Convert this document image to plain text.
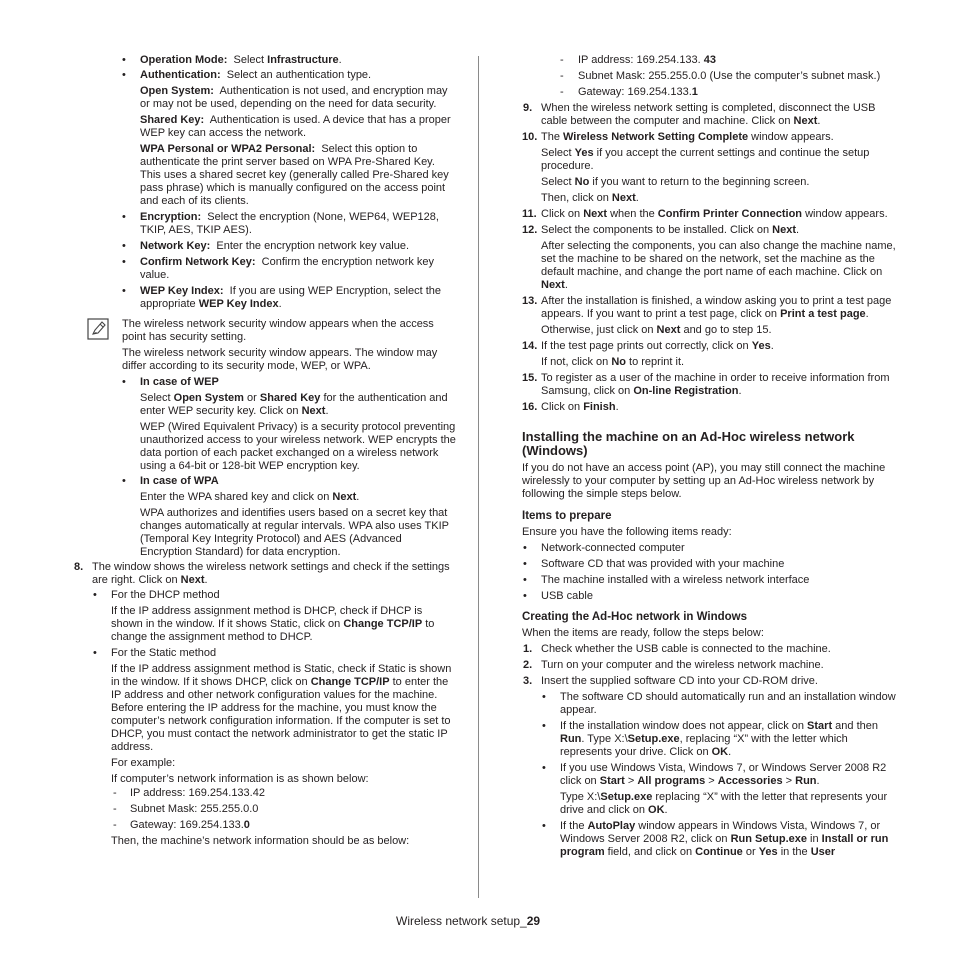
• Operation Mode:  Select Infrastructure.
• Authentication:  Select an authentication type.
Open System:  Authentication is not used, and encryption may or may not be used, depending on the need for data security.
Shared Key:  Authentication is used. A device that has a proper WEP key can access the network.
WPA Personal or WPA2 Personal:  Select this option to authenticate the print server based on WPA Pre-Shared Key. This uses a shared secret key (generally called Pre-Shared key pass phrase) which is manually configured on the access point and each of its clients.
• Encryption:  Select the encryption (None, WEP64, WEP128, TKIP, AES, TKIP AES).
• Network Key:  Enter the encryption network key value.
• Confirm Network Key:  Confirm the encryption network key value.
• WEP Key Index:  If you are using WEP Encryption, select the appropriate WEP Key Index.
The wireless network security window appears when the access point has security setting.
The wireless network security window appears. The window may differ according to its security mode, WEP, or WPA.
• In case of WEP
Select Open System or Shared Key for the authentication and enter WEP security key. Click on Next.
WEP (Wired Equivalent Privacy) is a security protocol preventing unauthorized access to your wireless network. WEP encrypts the data portion of each packet exchanged on a wireless network using a 64-bit or 128-bit WEP encryption key.
• In case of WPA
Enter the WPA shared key and click on Next.
WPA authorizes and identifies users based on a secret key that changes automatically at regular intervals. WPA also uses TKIP (Temporal Key Integrity Protocol) and AES (Advanced Encryption Standard) for data encryption.
8. The window shows the wireless network settings and check if the settings are right. Click on Next.
• For the DHCP method
If the IP address assignment method is DHCP, check if DHCP is shown in the window. If it shows Static, click on Change TCP/IP to change the assignment method to DHCP.
• For the Static method
If the IP address assignment method is Static, check if Static is shown in the window. If it shows DHCP, click on Change TCP/IP to enter the IP address and other network configuration values for the machine. Before entering the IP address for the machine, you must know the computer’s network configuration information. If the computer is set to DHCP, you must contact the network administrator to get the static IP address.
For example:
If computer’s network information is as shown below:
- IP address: 169.254.133.42
- Subnet Mask: 255.255.0.0
- Gateway: 169.254.133.0
Then, the machine’s network information should be as below:
- IP address: 169.254.133. 43
- Subnet Mask: 255.255.0.0 (Use the computer’s subnet mask.)
- Gateway: 169.254.133.1
9. When the wireless network setting is completed, disconnect the USB cable between the computer and machine. Click on Next.
10. The Wireless Network Setting Complete window appears.
Select Yes if you accept the current settings and continue the setup procedure.
Select No if you want to return to the beginning screen.
Then, click on Next.
11. Click on Next when the Confirm Printer Connection window appears.
12. Select the components to be installed. Click on Next.
After selecting the components, you can also change the machine name, set the machine to be shared on the network, set the machine as the default machine, and change the port name of each machine. Click on Next.
13. After the installation is finished, a window asking you to print a test page appears. If you want to print a test page, click on Print a test page.
Otherwise, just click on Next and go to step 15.
14. If the test page prints out correctly, click on Yes.
If not, click on No to reprint it.
15. To register as a user of the machine in order to receive information from Samsung, click on On-line Registration.
16. Click on Finish.
Installing the machine on an Ad-Hoc wireless network (Windows)
If you do not have an access point (AP), you may still connect the machine wirelessly to your computer by setting up an Ad-Hoc wireless network by following the simple steps below.
Items to prepare
Ensure you have the following items ready:
• Network-connected computer
• Software CD that was provided with your machine
• The machine installed with a wireless network interface
• USB cable
Creating the Ad-Hoc network in Windows
When the items are ready, follow the steps below:
1. Check whether the USB cable is connected to the machine.
2. Turn on your computer and the wireless network machine.
3. Insert the supplied software CD into your CD-ROM drive.
• The software CD should automatically run and an installation window appear.
• If the installation window does not appear, click on Start and then Run. Type X:\Setup.exe, replacing “X” with the letter which represents your drive. Click on OK.
• If you use Windows Vista, Windows 7, or Windows Server 2008 R2 click on Start > All programs > Accessories > Run.
Type X:\Setup.exe replacing “X” with the letter that represents your drive and click on OK.
• If the AutoPlay window appears in Windows Vista, Windows 7, or Windows Server 2008 R2, click on Run Setup.exe in Install or run program field, and click on Continue or Yes in the User
Wireless network setup_29
